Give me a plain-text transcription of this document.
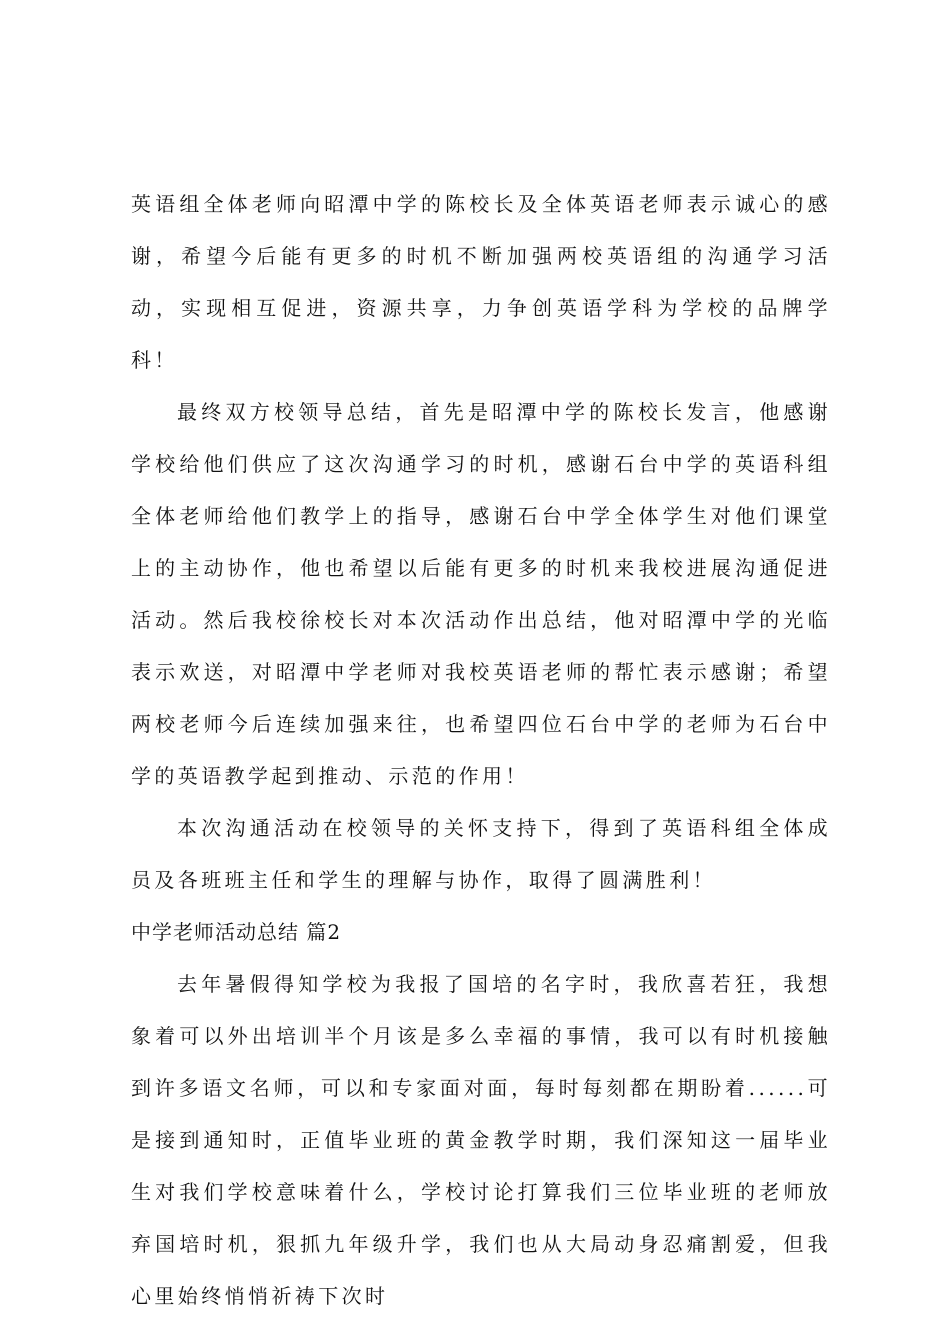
英语组全体老师向昭潭中学的陈校长及全体英语老师表示诚心的感谢，希望今后能有更多的时机不断加强两校英语组的沟通学习活动，实现相互促进，资源共享，力争创英语学科为学校的品牌学科！

最终双方校领导总结，首先是昭潭中学的陈校长发言，他感谢学校给他们供应了这次沟通学习的时机，感谢石台中学的英语科组全体老师给他们教学上的指导，感谢石台中学全体学生对他们课堂上的主动协作，他也希望以后能有更多的时机来我校进展沟通促进活动。然后我校徐校长对本次活动作出总结，他对昭潭中学的光临表示欢送，对昭潭中学老师对我校英语老师的帮忙表示感谢；希望两校老师今后连续加强来往，也希望四位石台中学的老师为石台中学的英语教学起到推动、示范的作用！

本次沟通活动在校领导的关怀支持下，得到了英语科组全体成员及各班班主任和学生的理解与协作，取得了圆满胜利！

中学老师活动总结 篇2

去年暑假得知学校为我报了国培的名字时，我欣喜若狂，我想象着可以外出培训半个月该是多么幸福的事情，我可以有时机接触到许多语文名师，可以和专家面对面，每时每刻都在期盼着......可是接到通知时，正值毕业班的黄金教学时期，我们深知这一届毕业生对我们学校意味着什么，学校讨论打算我们三位毕业班的老师放弃国培时机，狠抓九年级升学，我们也从大局动身忍痛割爱，但我心里始终悄悄祈祷下次时
